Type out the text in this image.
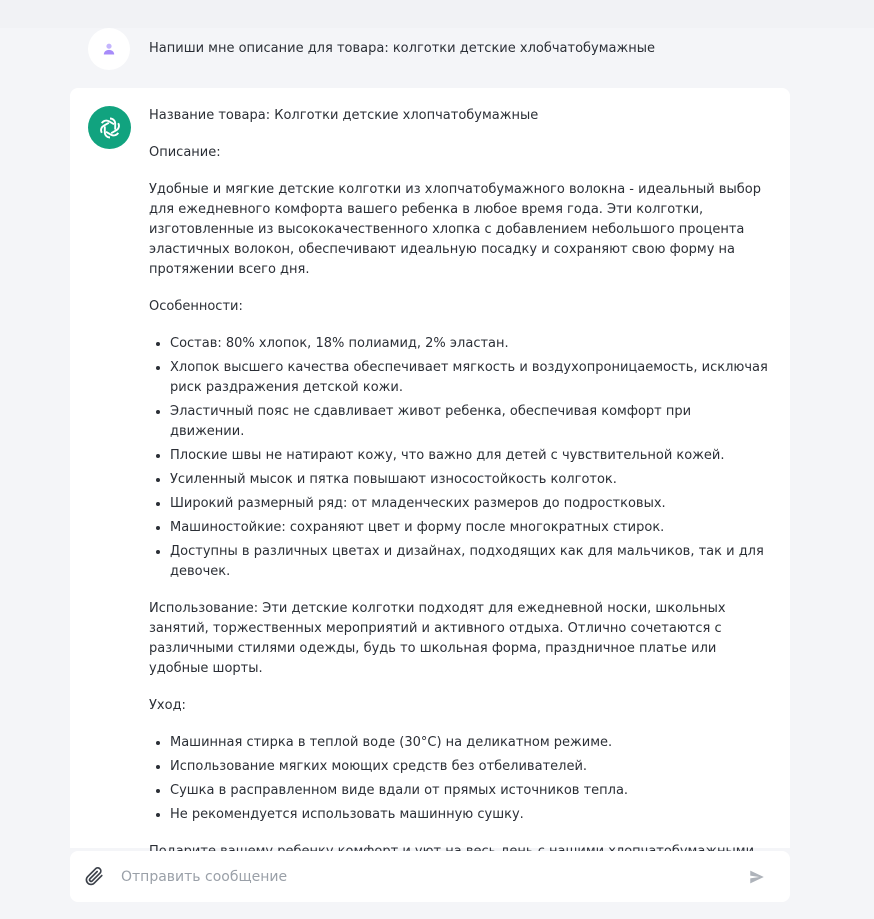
Напиши мне описание для товара: колготки детские хлобчатобумажные

Название товара: Колготки детские хлопчатобумажные

Описание:

Удобные и мягкие детские колготки из хлопчатобумажного волокна - идеальный выбор для ежедневного комфорта вашего ребенка в любое время года. Эти колготки, изготовленные из высококачественного хлопка с добавлением небольшого процента эластичных волокон, обеспечивают идеальную посадку и сохраняют свою форму на протяжении всего дня.

Особенности:

• Состав: 80% хлопок, 18% полиамид, 2% эластан.
• Хлопок высшего качества обеспечивает мягкость и воздухопроницаемость, исключая риск раздражения детской кожи.
• Эластичный пояс не сдавливает живот ребенка, обеспечивая комфорт при движении.
• Плоские швы не натирают кожу, что важно для детей с чувствительной кожей.
• Усиленный мысок и пятка повышают износостойкость колготок.
• Широкий размерный ряд: от младенческих размеров до подростковых.
• Машиностойкие: сохраняют цвет и форму после многократных стирок.
• Доступны в различных цветах и дизайнах, подходящих как для мальчиков, так и для девочек.

Использование: Эти детские колготки подходят для ежедневной носки, школьных занятий, торжественных мероприятий и активного отдыха. Отлично сочетаются с различными стилями одежды, будь то школьная форма, праздничное платье или удобные шорты.

Уход:

• Машинная стирка в теплой воде (30°C) на деликатном режиме.
• Использование мягких моющих средств без отбеливателей.
• Сушка в расправленном виде вдали от прямых источников тепла.
• Не рекомендуется использовать машинную сушку.

Отправить сообщение
